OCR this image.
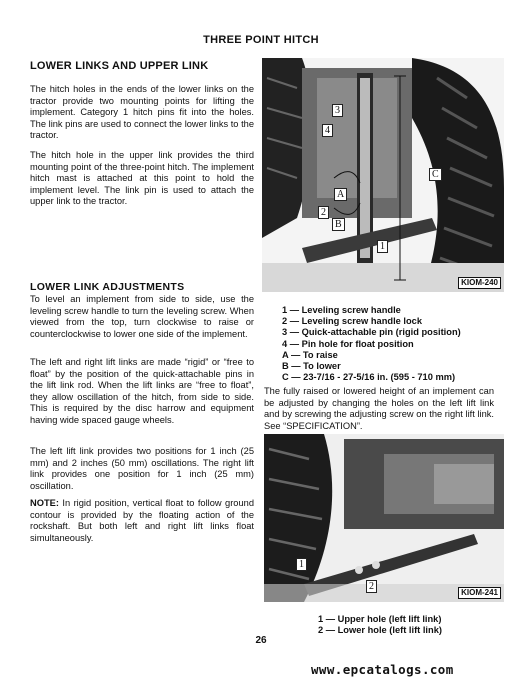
THREE POINT HITCH
LOWER LINKS AND UPPER LINK
The hitch holes in the ends of the lower links on the tractor provide two mounting points for lifting the implement. Category 1 hitch pins fit into the holes. The link pins are used to connect the lower links to the tractor.
The hitch hole in the upper link provides the third mounting point of the three-point hitch. The implement hitch mast is attached at this point to hold the implement level. The link pin is used to attach the upper link to the tractor.
3
4
C
A
2
B
1
KIOM-240
1 — Leveling screw handle
2 — Leveling screw handle lock
3 — Quick-attachable pin (rigid position)
4 — Pin hole for float position
A — To raise
B — To lower
C — 23-7/16 - 27-5/16 in. (595 - 710 mm)
LOWER LINK ADJUSTMENTS
To level an implement from side to side, use the leveling screw handle to turn the leveling screw. When viewed from the top, turn clockwise to raise or counterclockwise to lower one side of the implement.
The left and right lift links are made “rigid” or “free to float” by the position of the quick-attachable pins in the lift link rod. When the lift links are “free to float”, they allow oscillation of the hitch, from side to side. This is required by the disc harrow and equipment having wide spaced gauge wheels.
The left lift link provides two positions for 1 inch (25 mm) and 2 inches (50 mm) oscillations. The right lift link provides one position for 1 inch (25 mm) oscillation.
NOTE: In rigid position, vertical float to follow ground contour is provided by the floating action of the rockshaft. But both left and right lift links float simultaneously.
The fully raised or lowered height of an implement can be adjusted by changing the holes on the left lift link and by screwing the adjusting screw on the right lift link. See “SPECIFICATION”.
1
2
KIOM-241
1 — Upper hole (left lift link)
2 — Lower hole (left lift link)
26
www.epcatalogs.com
